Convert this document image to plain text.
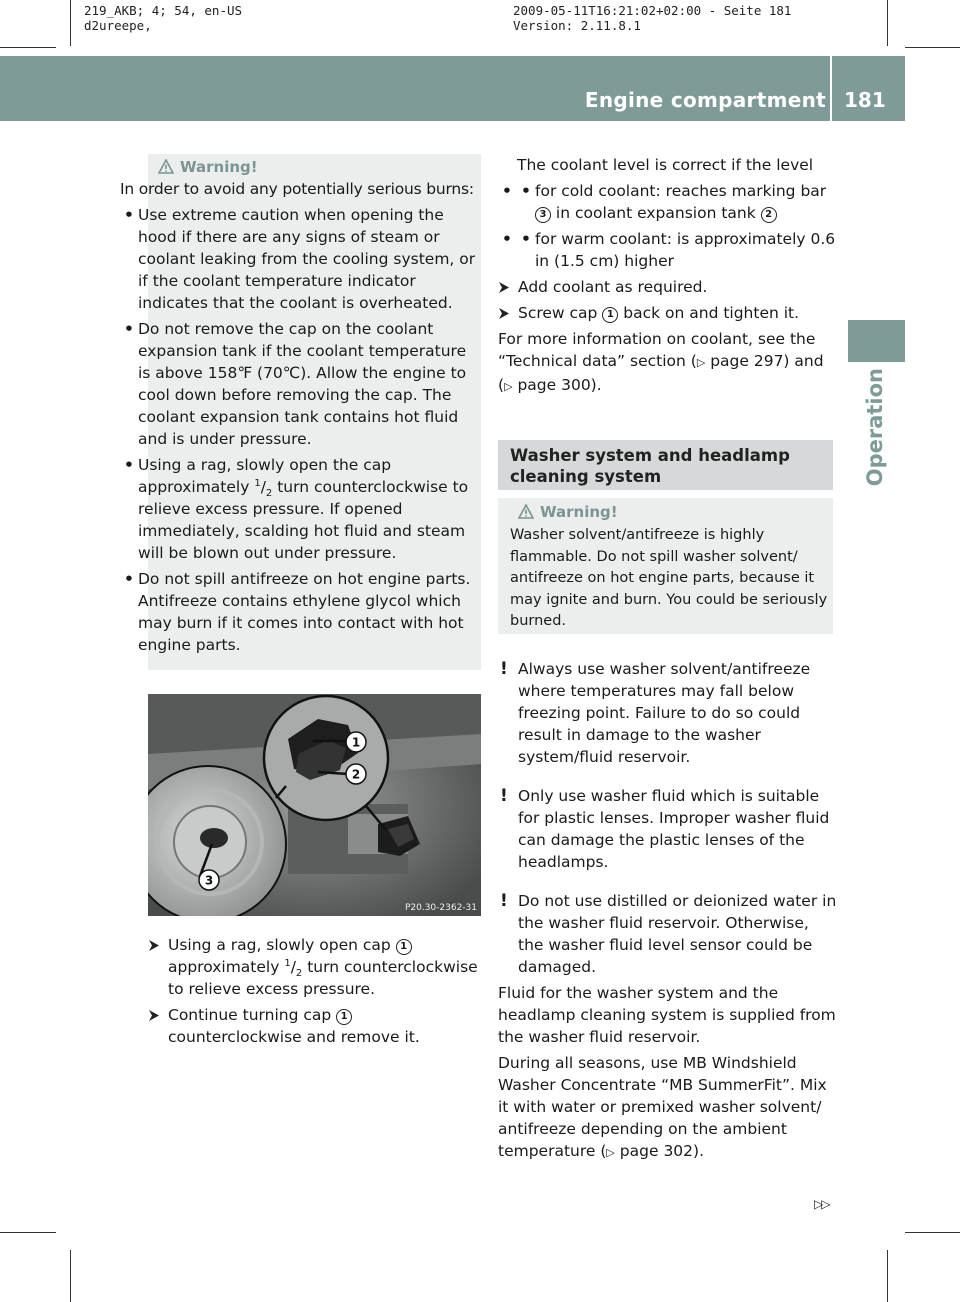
219_AKB; 4; 54, en-US
d2ureepe,
2009-05-11T16:21:02+02:00 - Seite 181
Version: 2.11.8.1
Engine compartment 181
Operation
Warning!
In order to avoid any potentially serious burns:
• Use extreme caution when opening the hood if there are any signs of steam or coolant leaking from the cooling system, or if the coolant temperature indicator indicates that the coolant is overheated.
• Do not remove the cap on the coolant expansion tank if the coolant temperature is above 158℉ (70℃). Allow the engine to cool down before removing the cap. The coolant expansion tank contains hot fluid and is under pressure.
• Using a rag, slowly open the cap approximately $^1/_2$ turn counterclockwise to relieve excess pressure. If opened immediately, scalding hot fluid and steam will be blown out under pressure.
• Do not spill antifreeze on hot engine parts. Antifreeze contains ethylene glycol which may burn if it comes into contact with hot engine parts.
1
2
3
P20.30-2362-31
Using a rag, slowly open cap 1 approximately $^1/_2$ turn counterclockwise to relieve excess pressure.
Continue turning cap 1 counterclockwise and remove it.
The coolant level is correct if the level
• • for cold coolant: reaches marking bar 3 in coolant expansion tank 2
• • for warm coolant: is approximately 0.6 in (1.5 cm) higher
Add coolant as required.
Screw cap 1 back on and tighten it.
For more information on coolant, see the “Technical data” section (▷ page 297) and (▷ page 300).
Washer system and headlamp cleaning system
Warning!
Washer solvent/antifreeze is highly flammable. Do not spill washer solvent/ antifreeze on hot engine parts, because it may ignite and burn. You could be seriously burned.
! Always use washer solvent/antifreeze where temperatures may fall below freezing point. Failure to do so could result in damage to the washer system/fluid reservoir.
! Only use washer fluid which is suitable for plastic lenses. Improper washer fluid can damage the plastic lenses of the headlamps.
! Do not use distilled or deionized water in the washer fluid reservoir. Otherwise, the washer fluid level sensor could be damaged.
Fluid for the washer system and the headlamp cleaning system is supplied from the washer fluid reservoir.
During all seasons, use MB Windshield Washer Concentrate “MB SummerFit”. Mix it with water or premixed washer solvent/ antifreeze depending on the ambient temperature (▷ page 302).
▷▷
